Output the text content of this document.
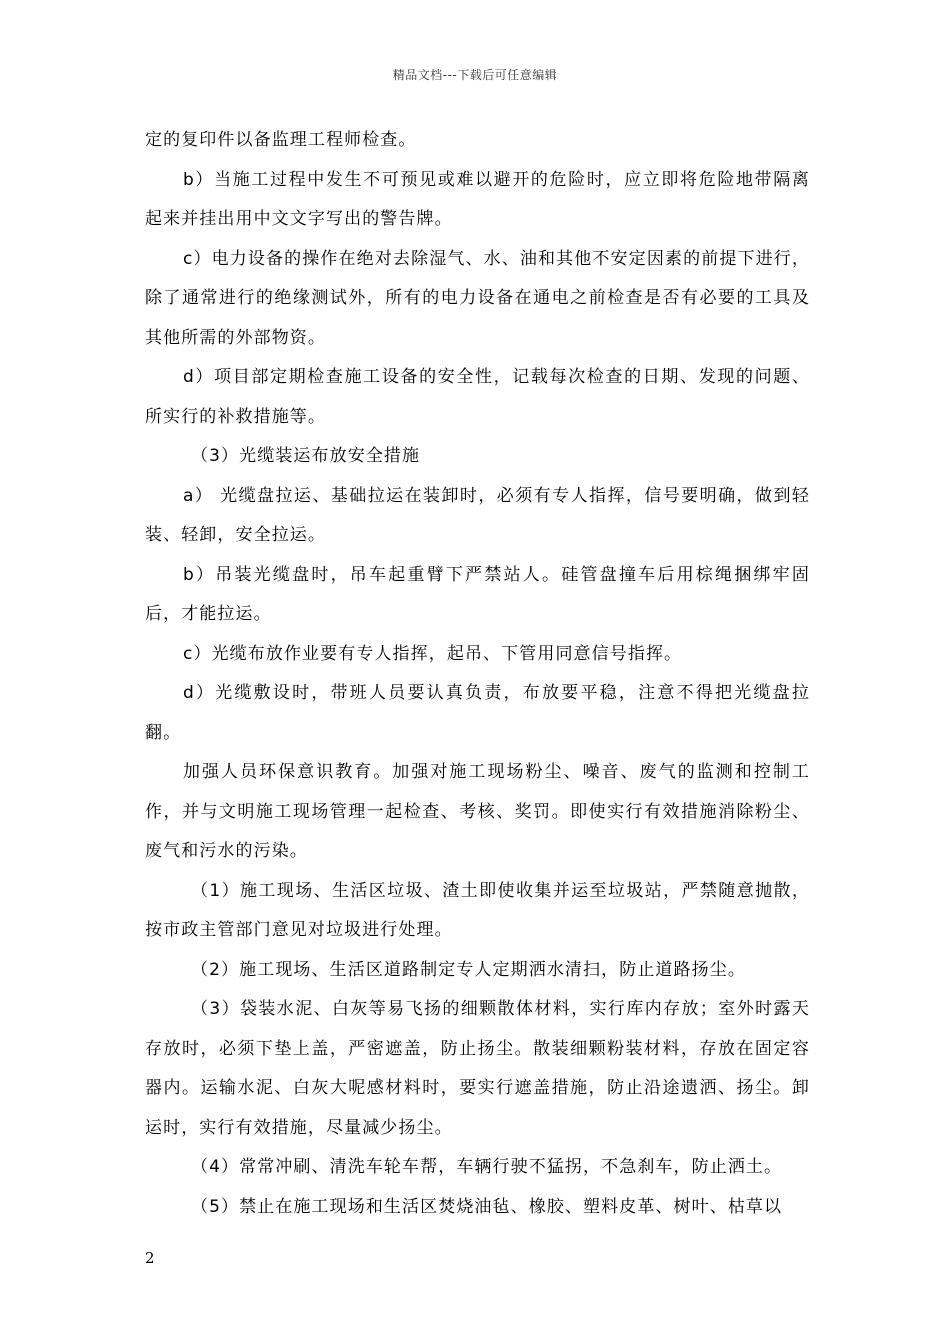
精品文档---下载后可任意编辑

定的复印件以备监理工程师检查。

b）当施工过程中发生不可预见或难以避开的危险时，应立即将危险地带隔离起来并挂出用中文文字写出的警告牌。

c）电力设备的操作在绝对去除湿气、水、油和其他不安定因素的前提下进行，除了通常进行的绝缘测试外，所有的电力设备在通电之前检查是否有必要的工具及其他所需的外部物资。

d）项目部定期检查施工设备的安全性，记载每次检查的日期、发现的问题、所实行的补救措施等。

（3）光缆装运布放安全措施

a） 光缆盘拉运、基础拉运在装卸时，必须有专人指挥，信号要明确，做到轻装、轻卸，安全拉运。

b）吊装光缆盘时，吊车起重臂下严禁站人。硅管盘撞车后用棕绳捆绑牢固后，才能拉运。

c）光缆布放作业要有专人指挥，起吊、下管用同意信号指挥。

d）光缆敷设时，带班人员要认真负责，布放要平稳，注意不得把光缆盘拉翻。

加强人员环保意识教育。加强对施工现场粉尘、噪音、废气的监测和控制工作，并与文明施工现场管理一起检查、考核、奖罚。即使实行有效措施消除粉尘、废气和污水的污染。

（1）施工现场、生活区垃圾、渣土即使收集并运至垃圾站，严禁随意抛散，按市政主管部门意见对垃圾进行处理。

（2）施工现场、生活区道路制定专人定期洒水清扫，防止道路扬尘。

（3）袋装水泥、白灰等易飞扬的细颗散体材料，实行库内存放；室外时露天存放时，必须下垫上盖，严密遮盖，防止扬尘。散装细颗粉装材料，存放在固定容器内。运输水泥、白灰大呢感材料时，要实行遮盖措施，防止沿途遗洒、扬尘。卸运时，实行有效措施，尽量减少扬尘。

（4）常常冲刷、清洗车轮车帮，车辆行驶不猛拐，不急刹车，防止洒土。

（5）禁止在施工现场和生活区焚烧油毡、橡胶、塑料皮革、树叶、枯草以

2
